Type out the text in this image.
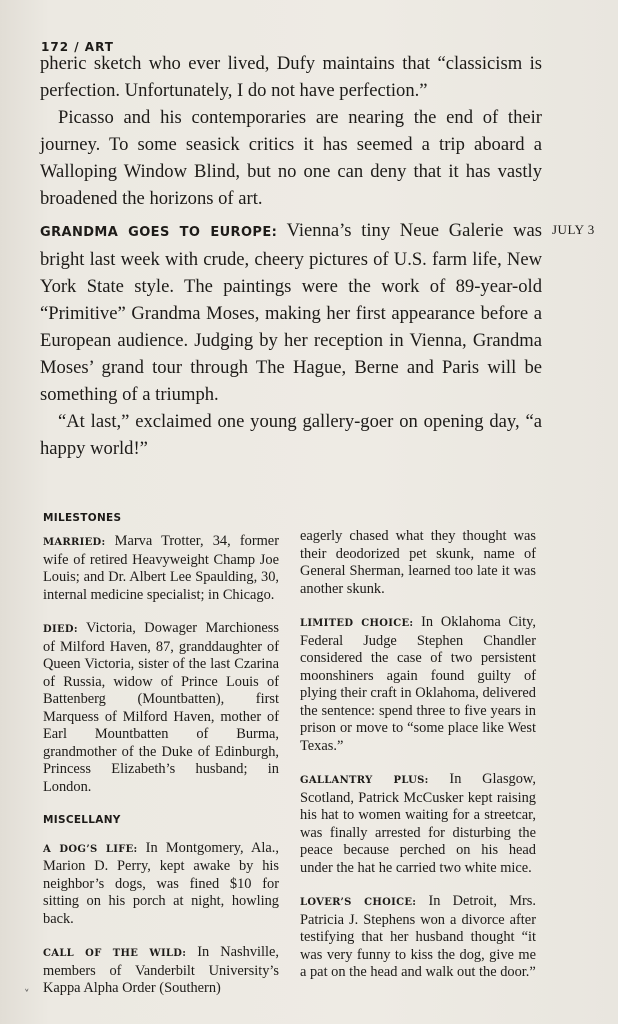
172 / ART

pheric sketch who ever lived, Dufy maintains that “classicism is perfection. Unfortunately, I do not have perfection.”

Picasso and his contemporaries are nearing the end of their journey. To some seasick critics it has seemed a trip aboard a Walloping Window Blind, but no one can deny that it has vastly broadened the horizons of art.

GRANDMA GOES TO EUROPE: Vienna’s tiny Neue Galerie was bright last week with crude, cheery pictures of U.S. farm life, New York State style. The paintings were the work of 89-year-old “Primitive” Grandma Moses, making her first appearance before a European audience. Judging by her reception in Vienna, Grandma Moses’ grand tour through The Hague, Berne and Paris will be something of a triumph.

“At last,” exclaimed one young gallery-goer on opening day, “a happy world!”

JULY 3
MILESTONES

MARRIED: Marva Trotter, 34, former wife of retired Heavyweight Champ Joe Louis; and Dr. Albert Lee Spaulding, 30, internal medicine specialist; in Chicago.

DIED: Victoria, Dowager Marchioness of Milford Haven, 87, granddaughter of Queen Victoria, sister of the last Czarina of Russia, widow of Prince Louis of Battenberg (Mountbatten), first Marquess of Milford Haven, mother of Earl Mountbatten of Burma, grandmother of the Duke of Edinburgh, Princess Elizabeth’s husband; in London.

MISCELLANY

A DOG’S LIFE: In Montgomery, Ala., Marion D. Perry, kept awake by his neighbor’s dogs, was fined $10 for sitting on his porch at night, howling back.

CALL OF THE WILD: In Nashville, members of Vanderbilt University’s Kappa Alpha Order (Southern)

eagerly chased what they thought was their deodorized pet skunk, name of General Sherman, learned too late it was another skunk.

LIMITED CHOICE: In Oklahoma City, Federal Judge Stephen Chandler considered the case of two persistent moonshiners again found guilty of plying their craft in Oklahoma, delivered the sentence: spend three to five years in prison or move to “some place like West Texas.”

GALLANTRY PLUS: In Glasgow, Scotland, Patrick McCusker kept raising his hat to women waiting for a streetcar, was finally arrested for disturbing the peace because perched on his head under the hat he carried two white mice.

LOVER’S CHOICE: In Detroit, Mrs. Patricia J. Stephens won a divorce after testifying that her husband thought “it was very funny to kiss the dog, give me a pat on the head and walk out the door.”

˅
